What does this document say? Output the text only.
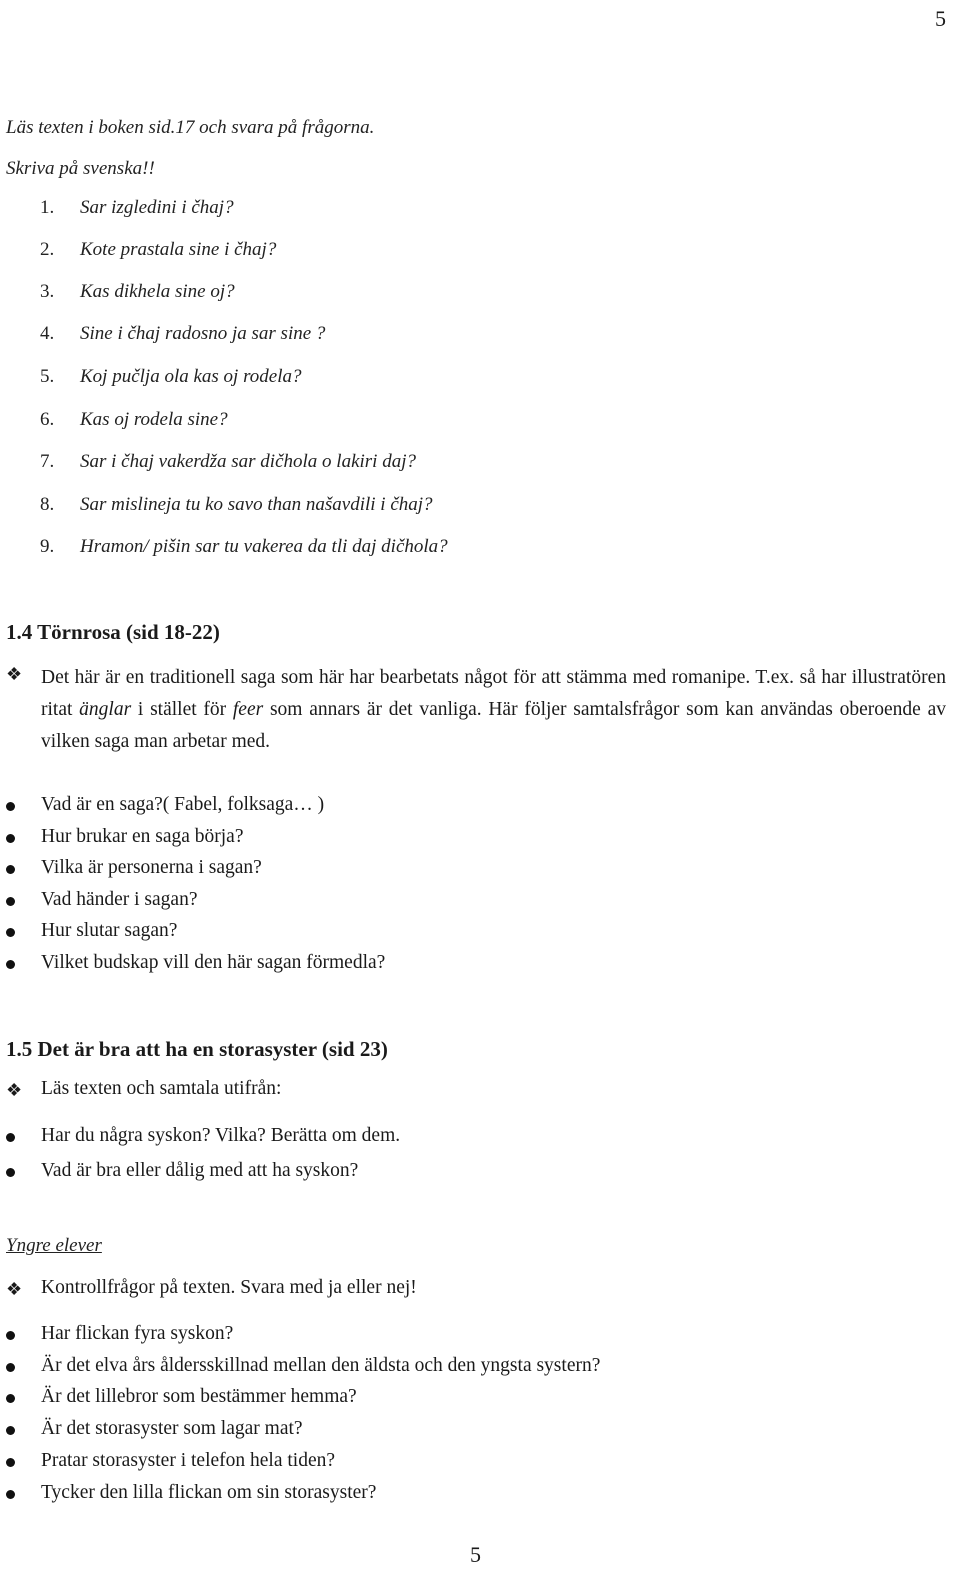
5
Läs texten i boken sid.17 och svara på frågorna.
Skriva på svenska!!
1. Sar izgledini i čhaj?
2. Kote prastala sine i čhaj?
3. Kas dikhela sine oj?
4. Sine i čhaj radosno ja sar sine ?
5. Koj pučlja ola kas oj rodela?
6. Kas oj rodela sine?
7. Sar i čhaj vakerdža sar dičhola o lakiri daj?
8. Sar mislineja tu ko savo than našavdili i čhaj?
9. Hramon/ pišin sar tu vakerea da tli daj dičhola?
1.4 Törnrosa (sid 18-22)
❖ Det här är en traditionell saga som här har bearbetats något för att stämma med romanipe. T.ex. så har illustratören ritat änglar i stället för feer som annars är det vanliga. Här följer samtalsfrågor som kan användas oberoende av vilken saga man arbetar med.
Vad är en saga?( Fabel, folksaga… )
Hur brukar en saga börja?
Vilka är personerna i sagan?
Vad händer i sagan?
Hur slutar sagan?
Vilket budskap vill den här sagan förmedla?
1.5 Det är bra att ha en storasyster (sid 23)
❖ Läs texten och samtala utifrån:
Har du några syskon? Vilka? Berätta om dem.
Vad är bra eller dålig med att ha syskon?
Yngre elever
❖ Kontrollfrågor på texten. Svara med ja eller nej!
Har flickan fyra syskon?
Är det elva års åldersskillnad mellan den äldsta och den yngsta systern?
Är det lillebror som bestämmer hemma?
Är det storasyster som lagar mat?
Pratar storasyster i telefon hela tiden?
Tycker den lilla flickan om sin storasyster?
5
